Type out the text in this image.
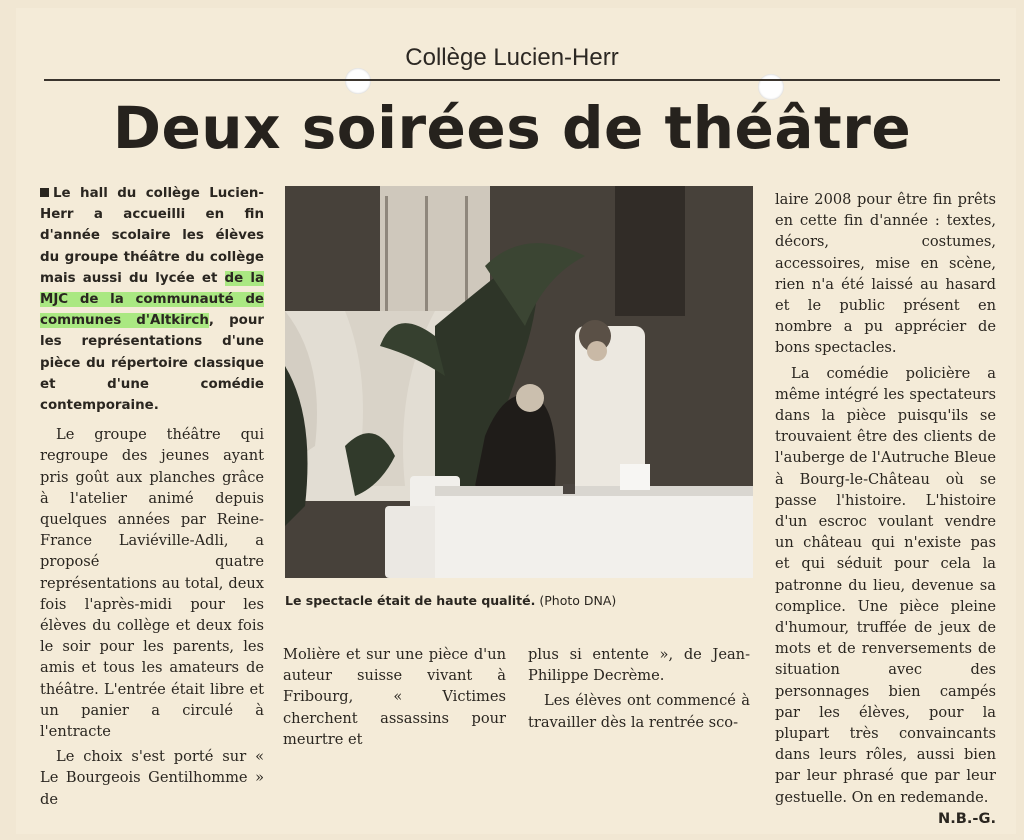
Collège Lucien-Herr
Deux soirées de théâtre

Le hall du collège Lucien-Herr a accueilli en fin d'année scolaire les élèves du groupe théâtre du collège mais aussi du lycée et de la MJC de la communauté de communes d'Altkirch, pour les représentations d'une pièce du répertoire classique et d'une comédie contemporaine.

Le groupe théâtre qui regroupe des jeunes ayant pris goût aux planches grâce à l'atelier animé depuis quelques années par Reine-France Laviéville-Adli, a proposé quatre représentations au total, deux fois l'après-midi pour les élèves du collège et deux fois le soir pour les parents, les amis et tous les amateurs de théâtre. L'entrée était libre et un panier a circulé à l'entracte

Le choix s'est porté sur « Le Bourgeois Gentilhomme » de

Le spectacle était de haute qualité. (Photo DNA)

Molière et sur une pièce d'un auteur suisse vivant à Fribourg, « Victimes cherchent assassins pour meurtre et

plus si entente », de Jean-Philippe Decrème.

Les élèves ont commencé à travailler dès la rentrée sco-

laire 2008 pour être fin prêts en cette fin d'année : textes, décors, costumes, accessoires, mise en scène, rien n'a été laissé au hasard et le public présent en nombre a pu apprécier de bons spectacles.

La comédie policière a même intégré les spectateurs dans la pièce puisqu'ils se trouvaient être des clients de l'auberge de l'Autruche Bleue à Bourg-le-Château où se passe l'histoire. L'histoire d'un escroc voulant vendre un château qui n'existe pas et qui séduit pour cela la patronne du lieu, devenue sa complice. Une pièce pleine d'humour, truffée de jeux de mots et de renversements de situation avec des personnages bien campés par les élèves, pour la plupart très convaincants dans leurs rôles, aussi bien par leur phrasé que par leur gestuelle. On en redemande.
N.B.-G.
